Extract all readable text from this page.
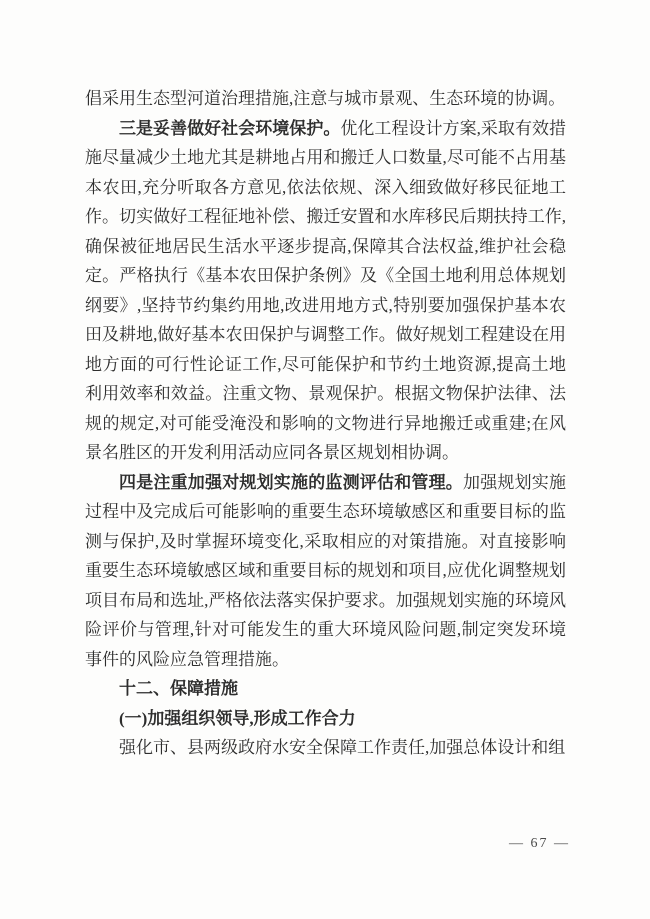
倡采用生态型河道治理措施,注意与城市景观、生态环境的协调。

三是妥善做好社会环境保护。优化工程设计方案,采取有效措施尽量减少土地尤其是耕地占用和搬迁人口数量,尽可能不占用基本农田,充分听取各方意见,依法依规、深入细致做好移民征地工作。切实做好工程征地补偿、搬迁安置和水库移民后期扶持工作,确保被征地居民生活水平逐步提高,保障其合法权益,维护社会稳定。严格执行《基本农田保护条例》及《全国土地利用总体规划纲要》,坚持节约集约用地,改进用地方式,特别要加强保护基本农田及耕地,做好基本农田保护与调整工作。做好规划工程建设在用地方面的可行性论证工作,尽可能保护和节约土地资源,提高土地利用效率和效益。注重文物、景观保护。根据文物保护法律、法规的规定,对可能受淹没和影响的文物进行异地搬迁或重建;在风景名胜区的开发利用活动应同各景区规划相协调。

四是注重加强对规划实施的监测评估和管理。加强规划实施过程中及完成后可能影响的重要生态环境敏感区和重要目标的监测与保护,及时掌握环境变化,采取相应的对策措施。对直接影响重要生态环境敏感区域和重要目标的规划和项目,应优化调整规划项目布局和选址,严格依法落实保护要求。加强规划实施的环境风险评价与管理,针对可能发生的重大环境风险问题,制定突发环境事件的风险应急管理措施。

十二、保障措施
(一)加强组织领导,形成工作合力

强化市、县两级政府水安全保障工作责任,加强总体设计和组

— 67 —
